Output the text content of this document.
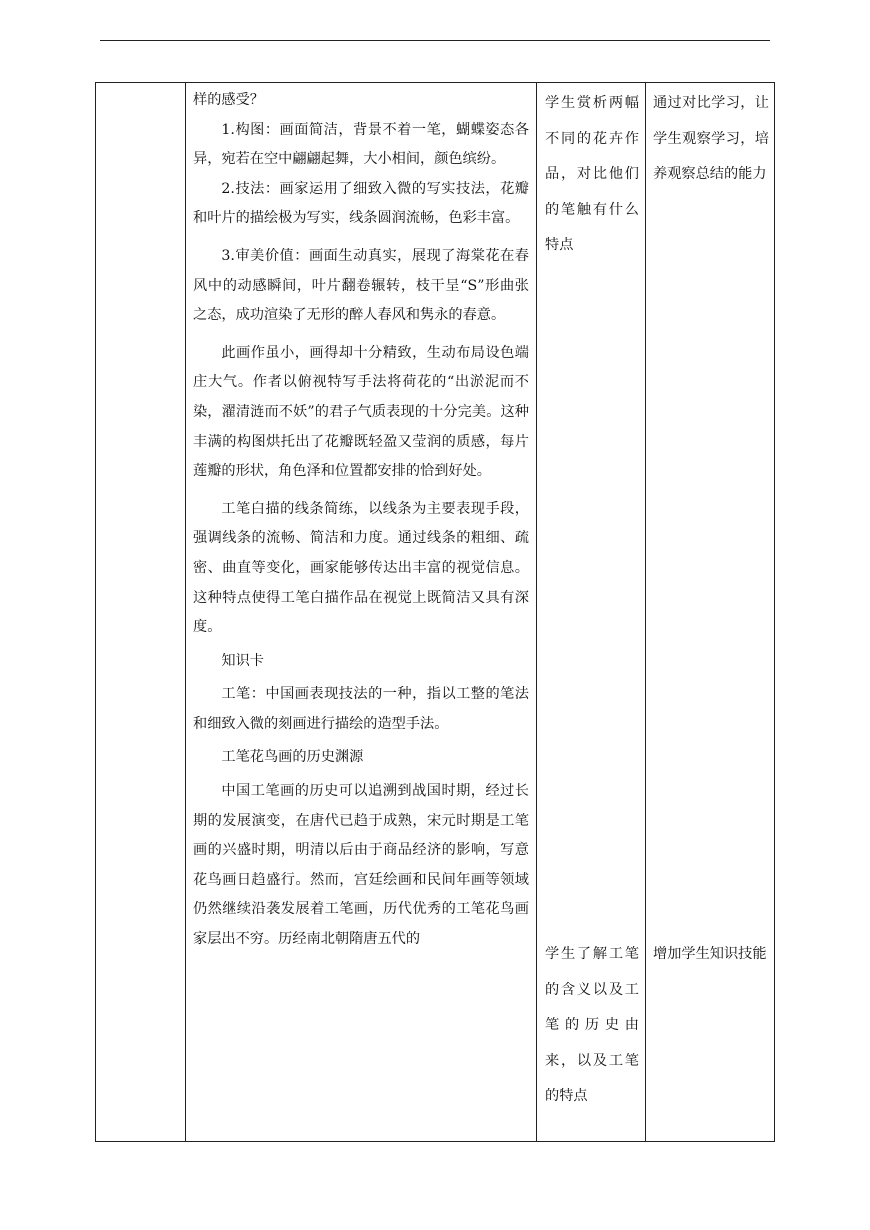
样的感受？

1.构图：画面简洁，背景不着一笔，蝴蝶姿态各异，宛若在空中翩翩起舞，大小相间，颜色缤纷。

2.技法：画家运用了细致入微的写实技法，花瓣和叶片的描绘极为写实，线条圆润流畅，色彩丰富。

3.审美价值：画面生动真实，展现了海棠花在春风中的动感瞬间，叶片翻卷辗转，枝干呈“S”形曲张之态，成功渲染了无形的醉人春风和隽永的春意。

此画作虽小，画得却十分精致，生动布局设色端庄大气。作者以俯视特写手法将荷花的“出淤泥而不染，濯清涟而不妖”的君子气质表现的十分完美。这种丰满的构图烘托出了花瓣既轻盈又莹润的质感，每片莲瓣的形状，角色泽和位置都安排的恰到好处。

工笔白描的线条简练，以线条为主要表现手段，强调线条的流畅、简洁和力度。通过线条的粗细、疏密、曲直等变化，画家能够传达出丰富的视觉信息。这种特点使得工笔白描作品在视觉上既简洁又具有深度。

知识卡

工笔：中国画表现技法的一种，指以工整的笔法和细致入微的刻画进行描绘的造型手法。

工笔花鸟画的历史渊源

中国工笔画的历史可以追溯到战国时期，经过长期的发展演变，在唐代已趋于成熟，宋元时期是工笔画的兴盛时期，明清以后由于商品经济的影响，写意花鸟画日趋盛行。然而，宫廷绘画和民间年画等领域仍然继续沿袭发展着工笔画，历代优秀的工笔花鸟画家层出不穷。历经南北朝隋唐五代的

学生赏析两幅不同的花卉作品，对比他们的笔触有什么特点
通过对比学习，让学生观察学习，培养观察总结的能力
学生了解工笔的含义以及工笔的历史由来，以及工笔的特点
增加学生知识技能
